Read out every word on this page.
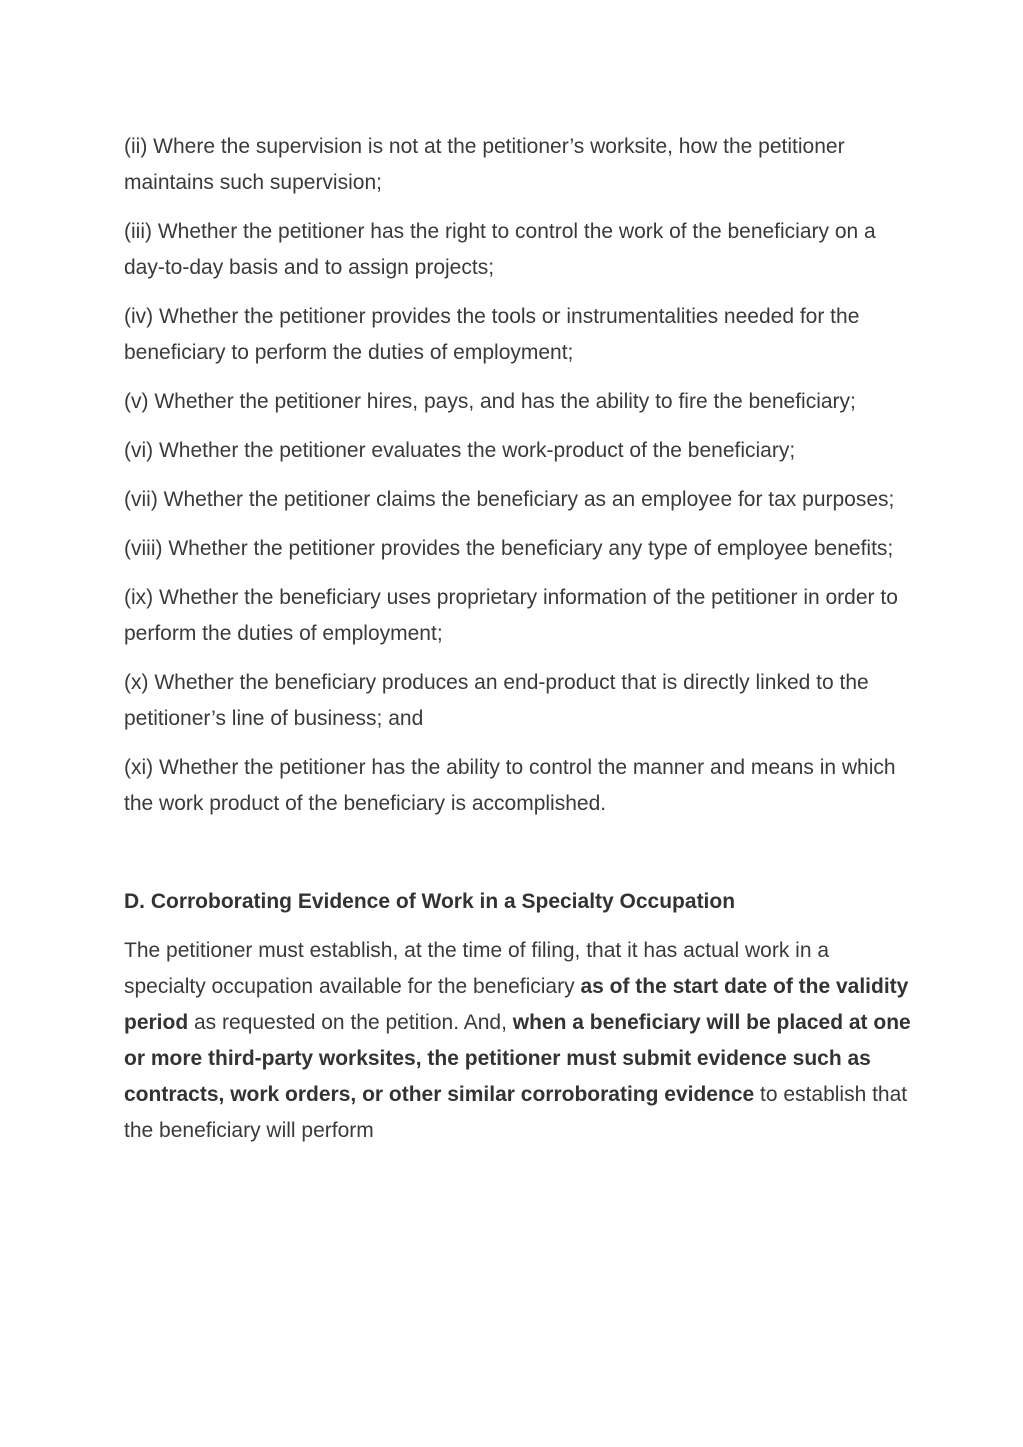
(ii) Where the supervision is not at the petitioner’s worksite, how the petitioner maintains such supervision;

(iii) Whether the petitioner has the right to control the work of the beneficiary on a day-to-day basis and to assign projects;

(iv) Whether the petitioner provides the tools or instrumentalities needed for the beneficiary to perform the duties of employment;

(v) Whether the petitioner hires, pays, and has the ability to fire the beneficiary;

(vi) Whether the petitioner evaluates the work-product of the beneficiary;

(vii) Whether the petitioner claims the beneficiary as an employee for tax purposes;

(viii) Whether the petitioner provides the beneficiary any type of employee benefits;

(ix) Whether the beneficiary uses proprietary information of the petitioner in order to perform the duties of employment;

(x) Whether the beneficiary produces an end-product that is directly linked to the petitioner’s line of business; and

(xi) Whether the petitioner has the ability to control the manner and means in which the work product of the beneficiary is accomplished.

D. Corroborating Evidence of Work in a Specialty Occupation

The petitioner must establish, at the time of filing, that it has actual work in a specialty occupation available for the beneficiary as of the start date of the validity period as requested on the petition. And, when a beneficiary will be placed at one or more third-party worksites, the petitioner must submit evidence such as contracts, work orders, or other similar corroborating evidence to establish that the beneficiary will perform
